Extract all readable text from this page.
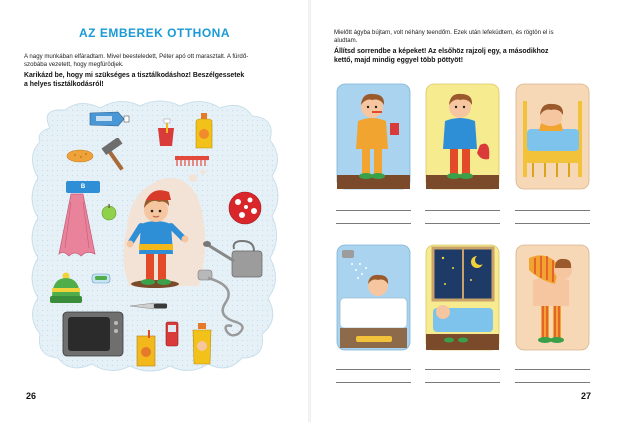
AZ EMBEREK OTTHONA
A nagy munkában elfáradtam. Mivel beesteledett, Péter apó ott marasztalt. A fürdő-
szobába vezetett, hogy megfürödjek.
Karikázd be, hogy mi szükséges a tisztálkodáshoz! Beszélgessetek
a helyes tisztálkodásról!
B
26
Mielőtt ágyba bújtam, volt néhány teendőm. Ezek után lefeküdtem, és rögtön el is
aludtam.
Állítsd sorrendbe a képeket! Az elsőhöz rajzolj egy, a másodikhoz
kettő, majd mindig eggyel több pöttyöt!
27
